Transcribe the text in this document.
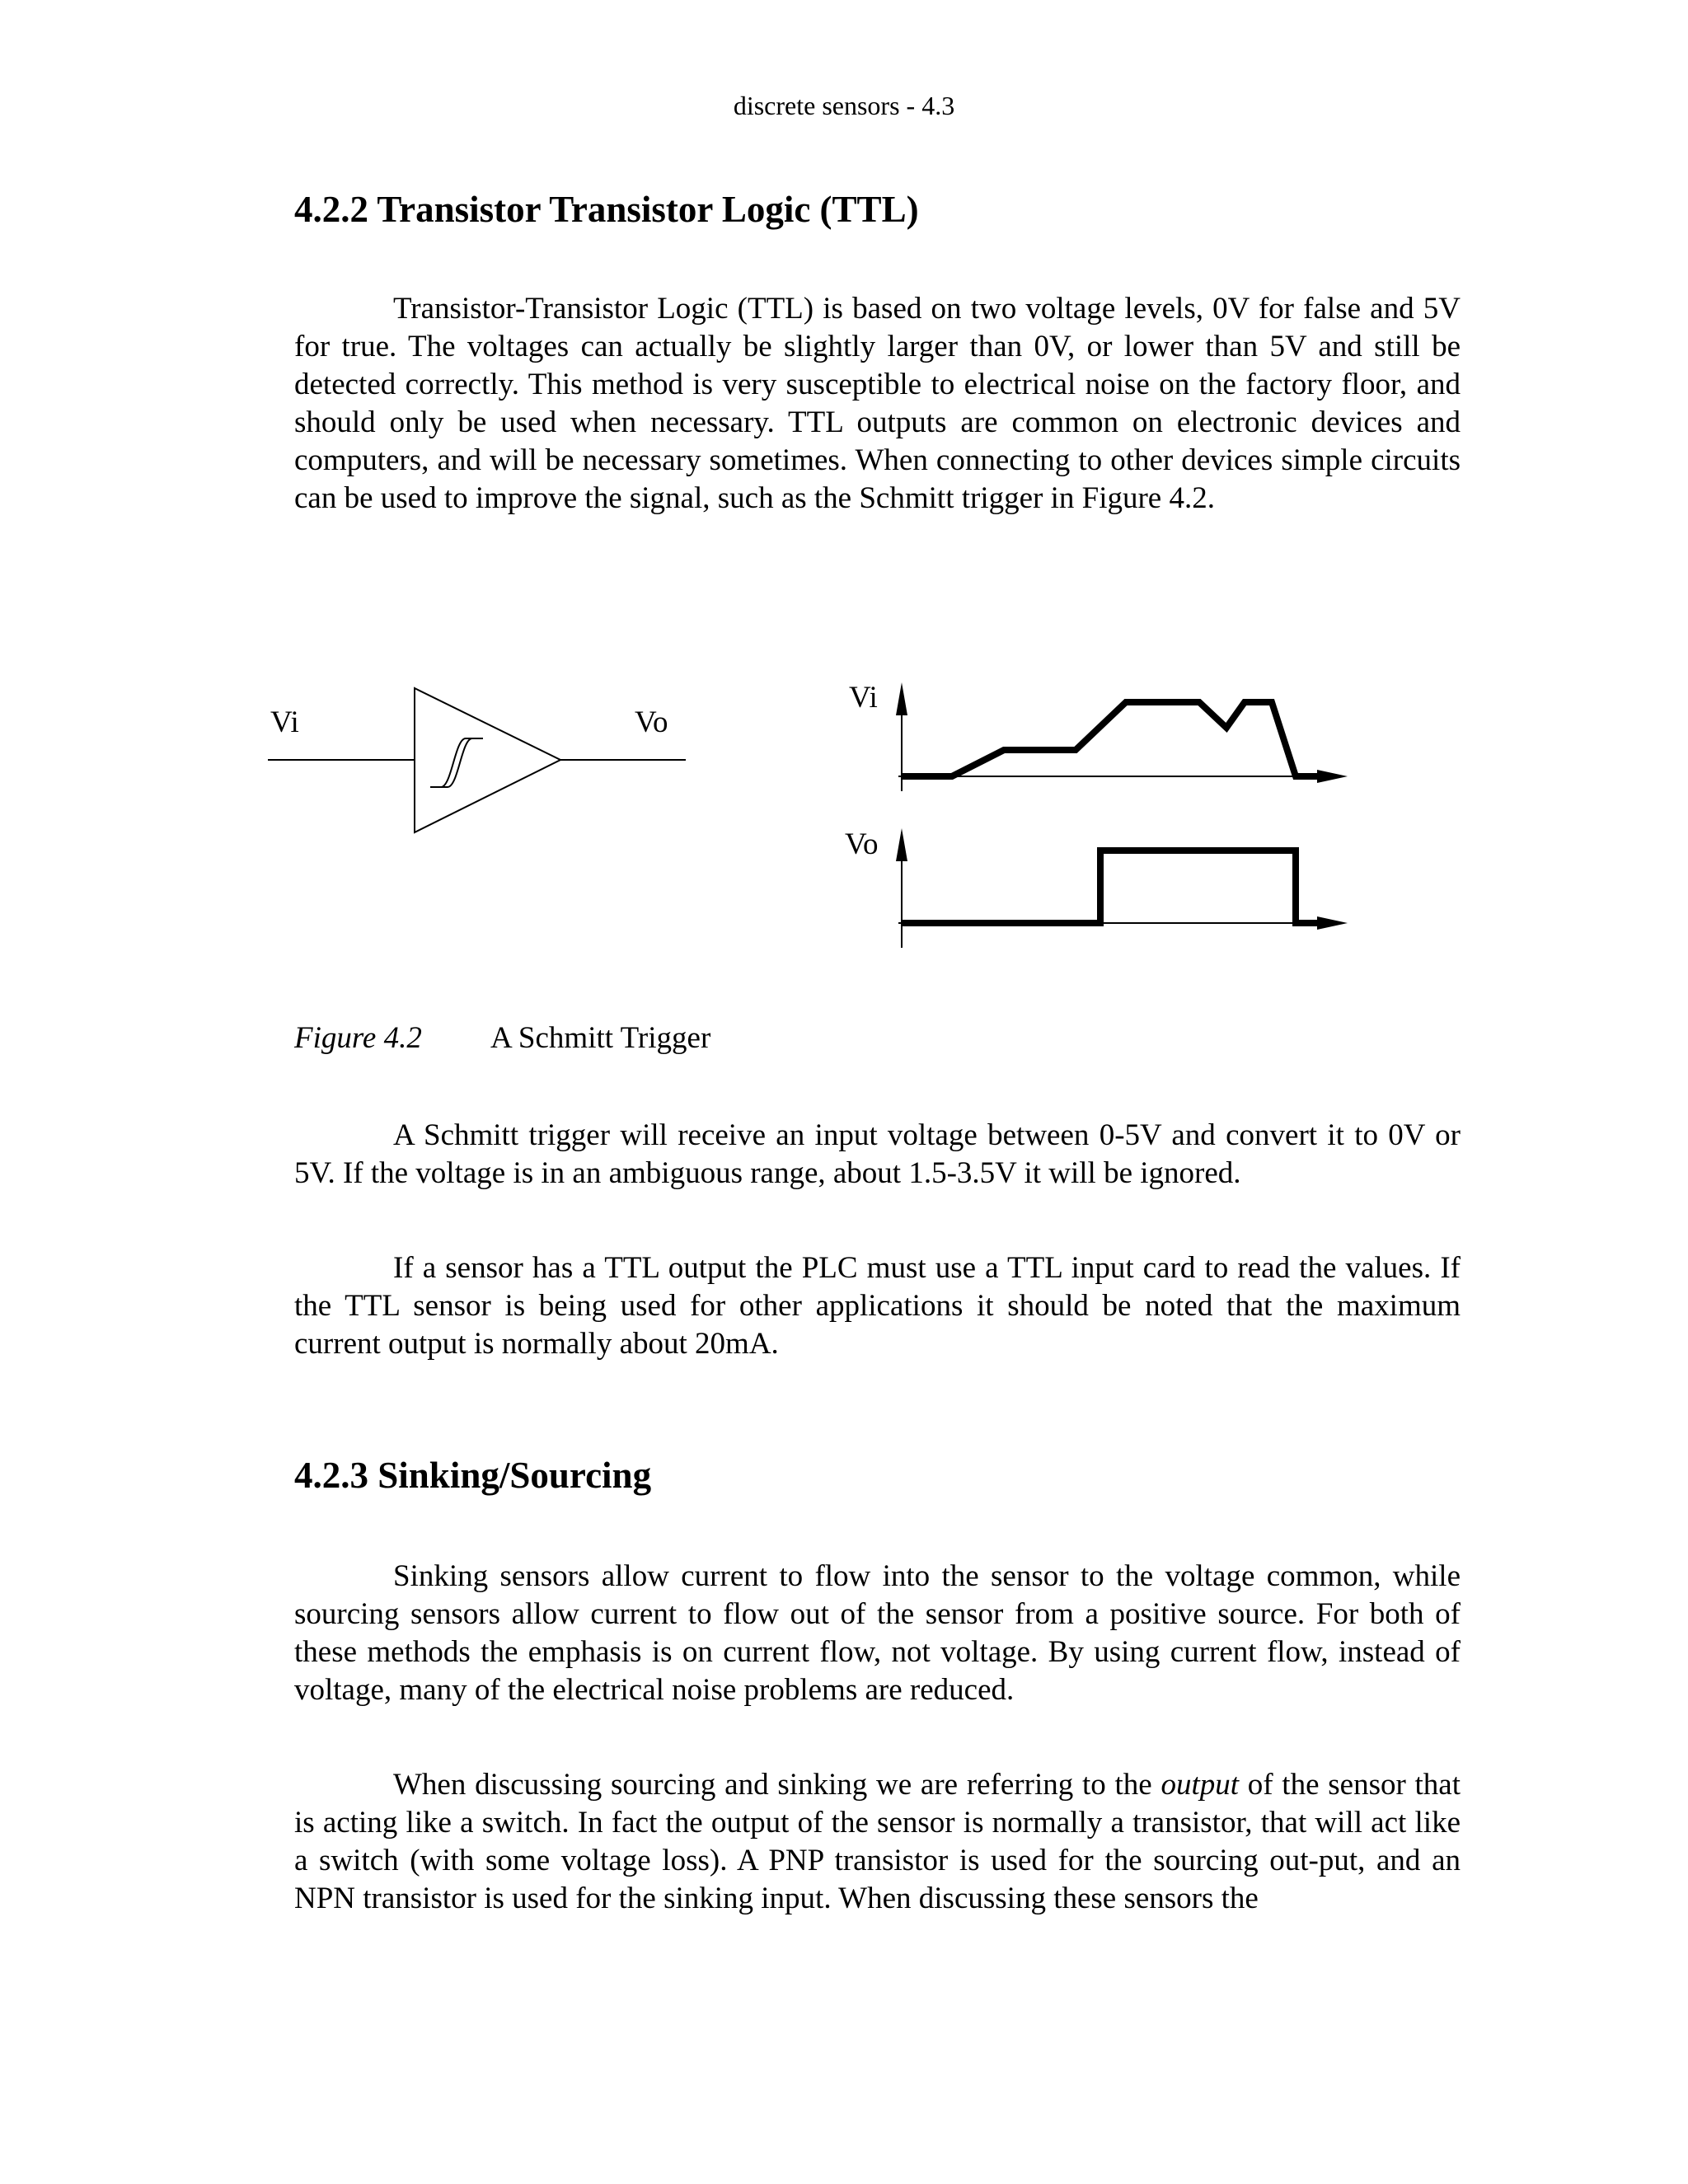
discrete sensors - 4.3
4.2.2 Transistor Transistor Logic (TTL)

Transistor-Transistor Logic (TTL) is based on two voltage levels, 0V for false and 5V for true. The voltages can actually be slightly larger than 0V, or lower than 5V and still be detected correctly. This method is very susceptible to electrical noise on the factory floor, and should only be used when necessary. TTL outputs are common on electronic devices and computers, and will be necessary sometimes. When connecting to other devices simple circuits can be used to improve the signal, such as the Schmitt trigger in Figure 4.2.

Vi	Vo
Vi
Vo
Figure 4.2 A Schmitt Trigger

A Schmitt trigger will receive an input voltage between 0-5V and convert it to 0V or 5V. If the voltage is in an ambiguous range, about 1.5-3.5V it will be ignored.

If a sensor has a TTL output the PLC must use a TTL input card to read the values. If the TTL sensor is being used for other applications it should be noted that the maximum current output is normally about 20mA.

4.2.3 Sinking/Sourcing

Sinking sensors allow current to flow into the sensor to the voltage common, while sourcing sensors allow current to flow out of the sensor from a positive source. For both of these methods the emphasis is on current flow, not voltage. By using current flow, instead of voltage, many of the electrical noise problems are reduced.

When discussing sourcing and sinking we are referring to the output of the sensor that is acting like a switch. In fact the output of the sensor is normally a transistor, that will act like a switch (with some voltage loss). A PNP transistor is used for the sourcing out-put, and an NPN transistor is used for the sinking input. When discussing these sensors the
